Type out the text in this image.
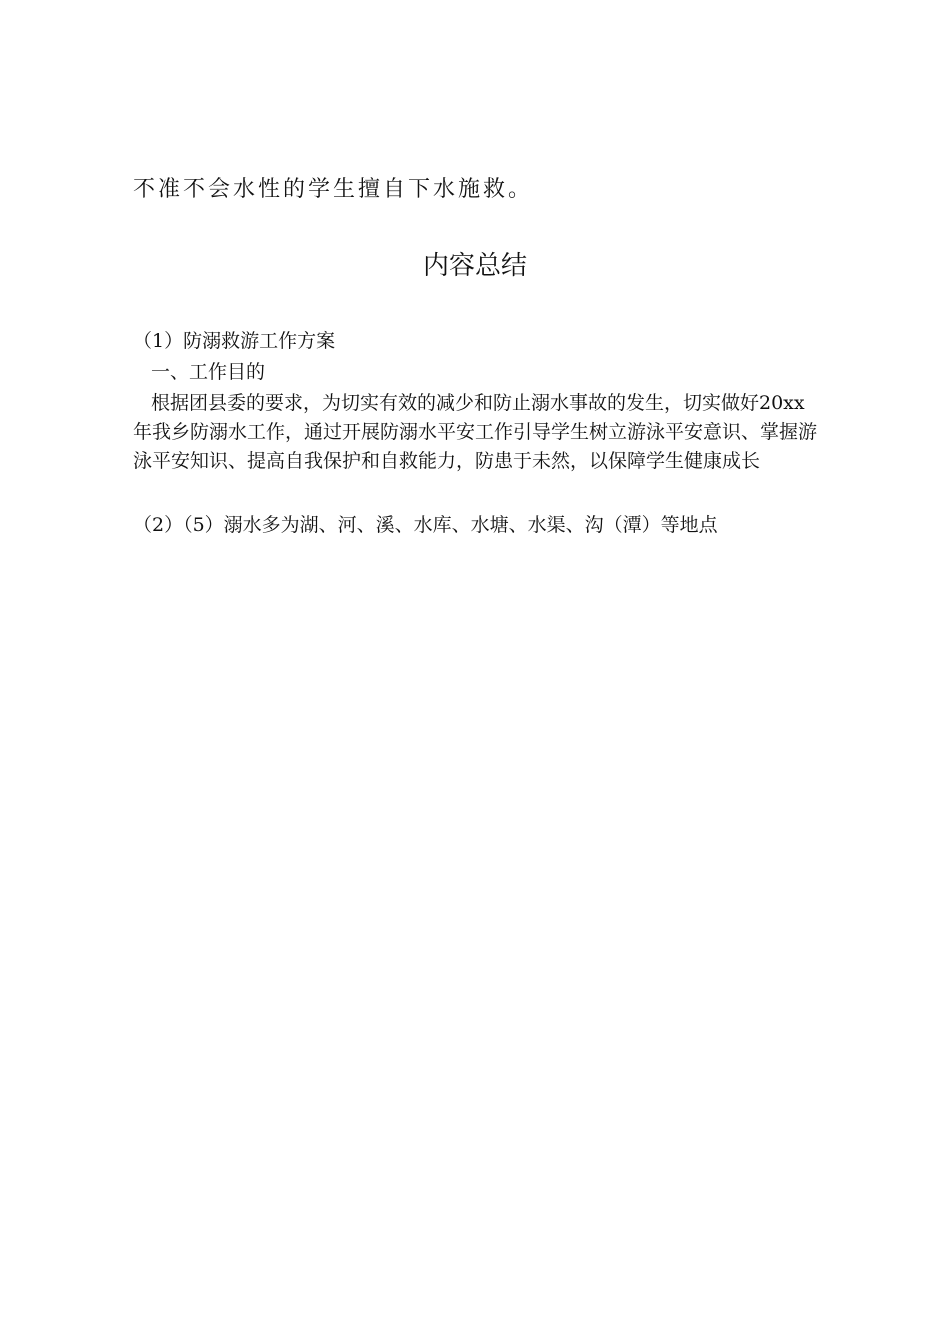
不准不会水性的学生擅自下水施救。
内容总结
（1）防溺救游工作方案
一、工作目的
根据团县委的要求，为切实有效的减少和防止溺水事故的发生，切实做好20xx年我乡防溺水工作，通过开展防溺水平安工作引导学生树立游泳平安意识、掌握游泳平安知识、提高自我保护和自救能力，防患于未然，以保障学生健康成长
（2）（5）溺水多为湖、河、溪、水库、水塘、水渠、沟（潭）等地点
